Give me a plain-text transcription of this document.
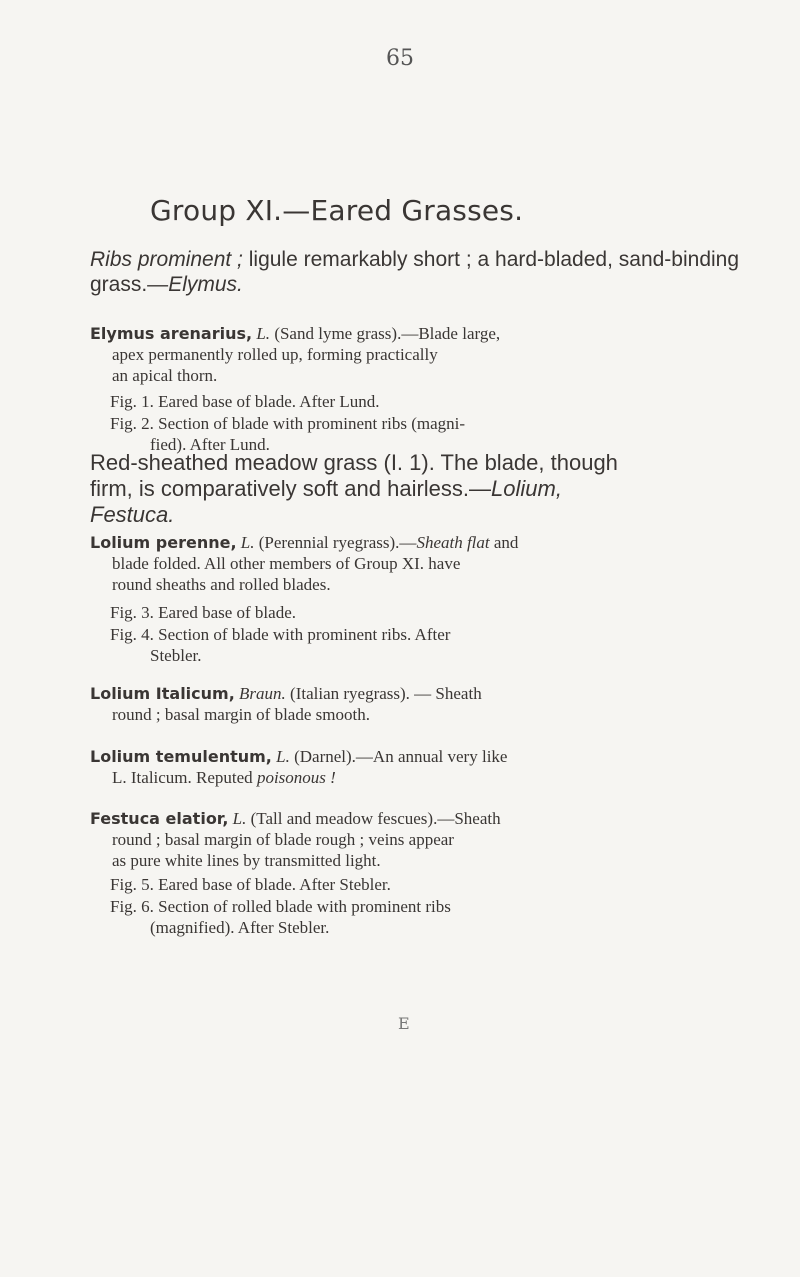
65
Group XI.—Eared Grasses.

Ribs prominent ; ligule remarkably short ; a hard-bladed, sand-binding grass.—Elymus.

Elymus arenarius, L. (Sand lyme grass).—Blade large,
apex permanently rolled up, forming practically
an apical thorn.

Fig. 1. Eared base of blade. After Lund.

Fig. 2. Section of blade with prominent ribs (magni-
fied). After Lund.

Red-sheathed meadow grass (I. 1). The blade, though
firm, is comparatively soft and hairless.—Lolium,
Festuca.

Lolium perenne, L. (Perennial ryegrass).—Sheath flat and
blade folded. All other members of Group XI. have
round sheaths and rolled blades.

Fig. 3. Eared base of blade.

Fig. 4. Section of blade with prominent ribs. After
Stebler.

Lolium Italicum, Braun. (Italian ryegrass). — Sheath
round ; basal margin of blade smooth.

Lolium temulentum, L. (Darnel).—An annual very like
L. Italicum. Reputed poisonous !

Festuca elatior, L. (Tall and meadow fescues).—Sheath
round ; basal margin of blade rough ; veins appear
as pure white lines by transmitted light.

Fig. 5. Eared base of blade. After Stebler.

Fig. 6. Section of rolled blade with prominent ribs
(magnified). After Stebler.

E
